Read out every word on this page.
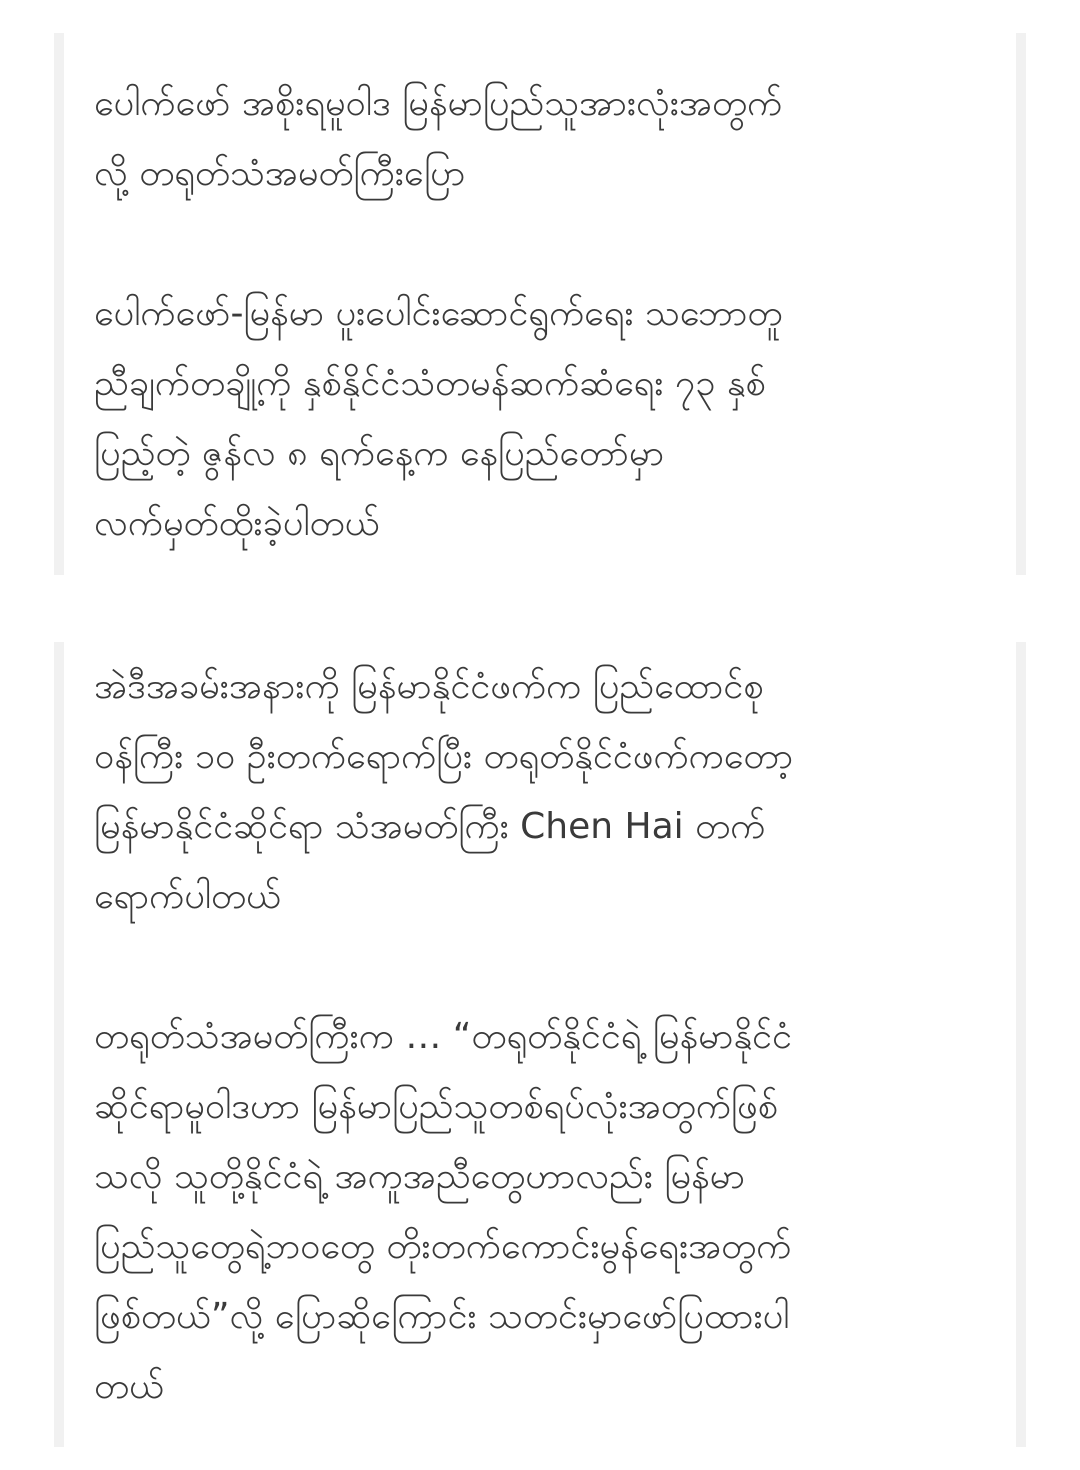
ပေါက်ဖော် အစိုးရမူဝါဒ မြန်မာပြည်သူအားလုံးအတွက်
လို့ တရုတ်သံအမတ်ကြီးပြော

ပေါက်ဖော်-မြန်မာ ပူးပေါင်းဆောင်ရွက်ရေး သဘောတူ
ညီချက်တချို့ကို နှစ်နိုင်ငံသံတမန်ဆက်ဆံရေး ၇၃ နှစ်
ပြည့်တဲ့ ဇွန်လ ၈ ရက်နေ့က နေပြည်တော်မှာ
လက်မှတ်ထိုးခဲ့ပါတယ်

အဲဒီအခမ်းအနားကို မြန်မာနိုင်ငံဖက်က ပြည်ထောင်စု
ဝန်ကြီး ၁၀ ဦးတက်ရောက်ပြီး တရုတ်နိုင်ငံဖက်ကတော့
မြန်မာနိုင်ငံဆိုင်ရာ သံအမတ်ကြီး Chen Hai တက်
ရောက်ပါတယ်

တရုတ်သံအမတ်ကြီးက … “တရုတ်နိုင်ငံရဲ့ မြန်မာနိုင်ငံ
ဆိုင်ရာမူဝါဒဟာ မြန်မာပြည်သူတစ်ရပ်လုံးအတွက်ဖြစ်
သလို သူတို့နိုင်ငံရဲ့ အကူအညီတွေဟာလည်း မြန်မာ
ပြည်သူတွေရဲ့ဘဝတွေ တိုးတက်ကောင်းမွန်ရေးအတွက်
ဖြစ်တယ်”လို့ ပြောဆိုကြောင်း သတင်းမှာဖော်ပြထားပါ
တယ်
